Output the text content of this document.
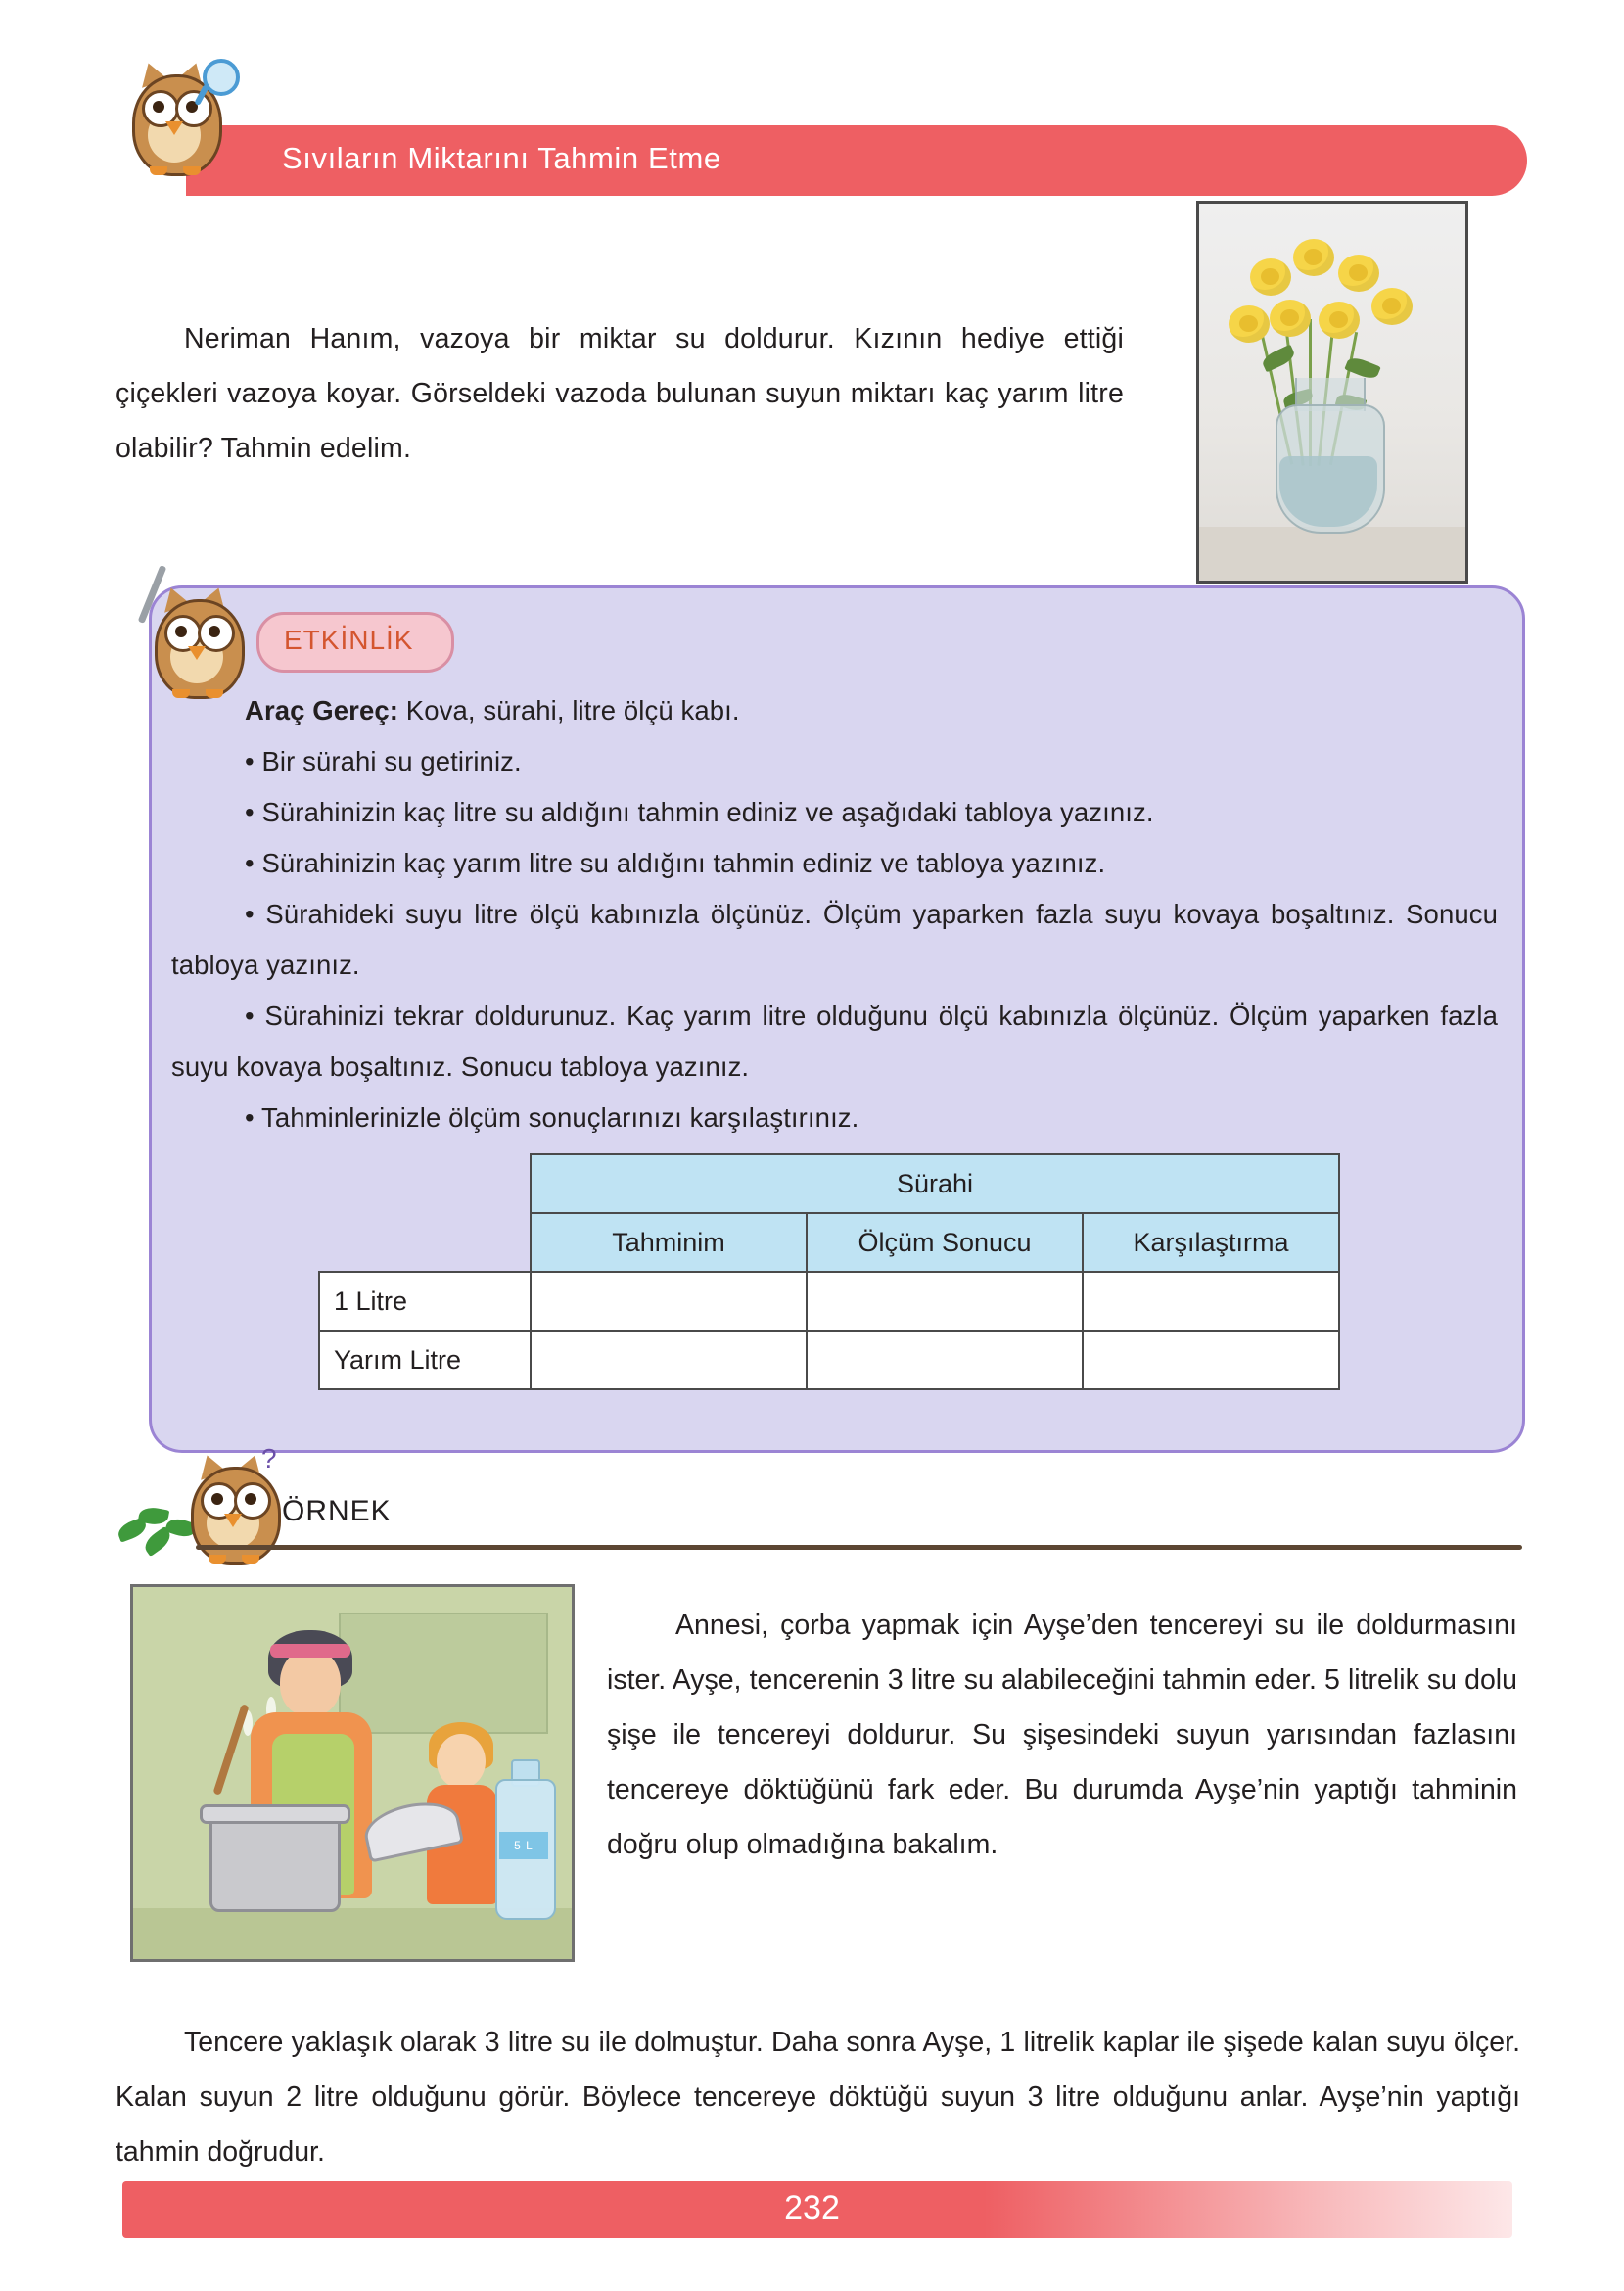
Sıvıların Miktarını Tahmin Etme
Neriman Hanım, vazoya bir miktar su doldurur. Kızının hediye ettiği çiçekleri vazoya koyar. Görseldeki vazoda bulunan suyun miktarı kaç yarım litre olabilir? Tahmin edelim.
ETKİNLİK
Araç Gereç: Kova, sürahi, litre ölçü kabı.
• Bir sürahi su getiriniz.
• Sürahinizin kaç litre su aldığını tahmin ediniz ve aşağıdaki tabloya yazınız.
• Sürahinizin kaç yarım litre su aldığını tahmin ediniz ve tabloya yazınız.
• Sürahideki suyu litre ölçü kabınızla ölçünüz. Ölçüm yaparken fazla suyu kovaya boşaltınız. Sonucu tabloya yazınız.
• Sürahinizi tekrar doldurunuz. Kaç yarım litre olduğunu ölçü kabınızla ölçünüz. Ölçüm yaparken fazla suyu kovaya boşaltınız. Sonucu tabloya yazınız.
• Tahminlerinizle ölçüm sonuçlarınızı karşılaştırınız.
	Sürahi		
	Tahminim	Ölçüm Sonucu	Karşılaştırma
1 Litre			
Yarım Litre			
?
ÖRNEK
5 L
Annesi, çorba yapmak için Ayşe’den tencereyi su ile doldurmasını ister. Ayşe, tencerenin 3 litre su alabileceğini tahmin eder. 5 litrelik su dolu şişe ile tencereyi doldurur. Su şişesindeki suyun yarısından fazlasını tencereye döktüğünü fark eder. Bu durumda Ayşe’nin yaptığı tahminin doğru olup olmadığına bakalım.
Tencere yaklaşık olarak 3 litre su ile dolmuştur. Daha sonra Ayşe, 1 litrelik kaplar ile şişede kalan suyu ölçer. Kalan suyun 2 litre olduğunu görür. Böylece tencereye döktüğü suyun 3 litre olduğunu anlar. Ayşe’nin yaptığı tahmin doğrudur.
232
